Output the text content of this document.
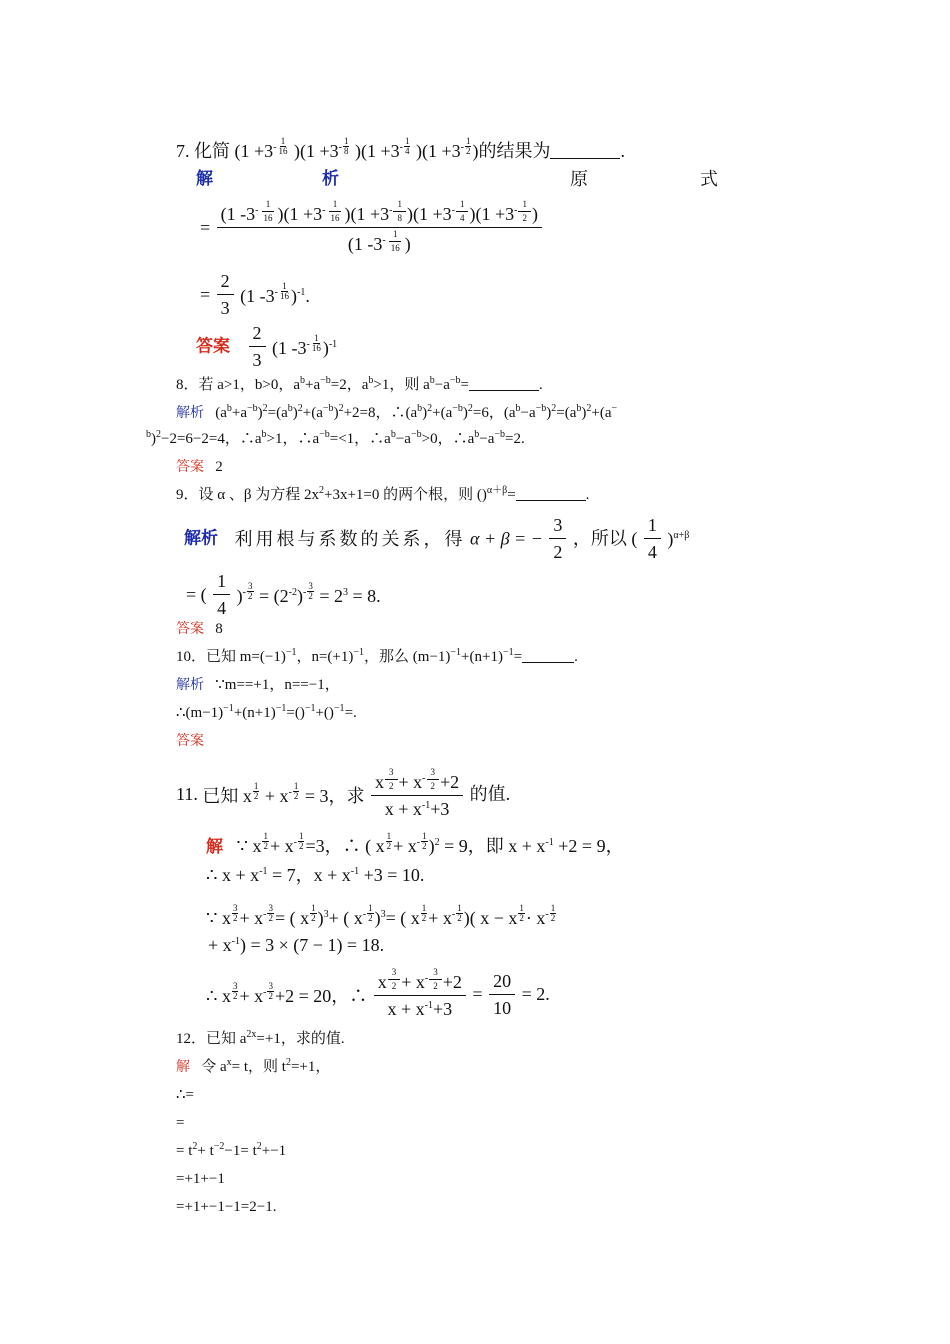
7. 化简 ($1 +3^{- \frac{1}{16}}$ )($1 +3^{- \frac{1}{8}}$ )($1 +3^{- \frac{1}{4}}$ )($1 +3^{- \frac{1}{2}}$ )的结果为	.
解	析	原	式
= (1 $-3^{- \frac{1}{16}}$ )($1 +3^{- \frac{1}{16}}$ )($1 +3^{- \frac{1}{8}}$ )($1 +3^{- \frac{1}{4}}$ )($1 +3^{- \frac{1}{2}}$ )
(1 $-3^{- \frac{1}{16}}$ )
= $\frac{2}{3} (1$ $-3^{- \frac{1}{16}}$ )$^{-1}$.
答案 $\frac{2}{3} (1$ $-3^{- \frac{1}{16}}$ )$^{-1}$
8．若 a>1，b>0，$a^b+a^{-b}=2$，$a^b>1$，则 $a^b-a^{-b}=$	.
解析 $(a^b+a^{-b})^2=(a^b)^2+(a^{-b})^2+2=8$，$\therefore(a^b)^2+(a^{-b})^2=6$，$(a^b-a^{-b})^2=(a^b)^2+(a^-$
$^b$)$^2$−2=6−2=4，$\therefore a^b>1$，$\therefore a^{-b}=<1$，$\therefore a^b-a^{-b}>0$，$\therefore a^b-a^{-b}=2$.
答案 2
9．设 α 、β 为方程 $2x^2+3x+1=0$ 的两个根，则 ()$^{\alpha+\beta}$=	.
解析 利用根与系数的关系，得 α + β = − $\frac{3}{2}$ ，所以 ( $\frac{1}{4} )^{\alpha+\beta}$
= ( $\frac{1}{4} )^{- \frac{3}{2}} = (2^{-2})^{- \frac{3}{2}} = 2^3 = 8$.
答案 8
10．已知 $m=(-1)^{-1}$，$n=(+1)^{-1}$，那么 $(m-1)^{-1}+(n+1)^{-1}=$	.
解析 ∵m==+1，n==−1，
$\therefore(m-1)^{-1}+(n+1)^{-1}=()^{-1}+()^{-1}=$.
答案
11. 已知 x $^{\frac{1}{2}} + x^{- \frac{1}{2}} = 3$，求 x $^{\frac{3}{2}} + x^{- \frac{3}{2}} +2$
$x + x^{-1}+3$ 的值.
解 ∵ x $^{\frac{1}{2}} + x^{- \frac{1}{2}} =3$，∴ ( x $^{\frac{1}{2}} + x^{- \frac{1}{2}}$ )$^2$ = 9，即 $x + x^{-1} +2 = 9$，
∴ $x + x^{-1} = 7$，$x + x^{-1} +3 = 10$.
∵ x $^{\frac{3}{2}} + x^{- \frac{3}{2}}$ = ( x $^{\frac{1}{2}}$ )$^3$+ ( $x^{- \frac{1}{2}}$ )$^3$= ( x $^{\frac{1}{2}} + x^{- \frac{1}{2}}$ )( x − x $^{\frac{1}{2}} \cdot x^{- \frac{1}{2}}$
+ $x^{-1}) = 3 \times (7 - 1) = 18$.
∴ x $^{\frac{3}{2}} + x^{- \frac{3}{2}} +2 = 20$，∴ x $^{\frac{3}{2}} + x^{- \frac{3}{2}} +2$
$x + x^{-1}+3 = \frac{20}{10} = 2$.
12．已知 $a^{2x}=+1$，求的值.
解 令 $a^x= t$，则 $t^2=+1$，
∴=
=
= $t^2+ t^{-2}-1= t^2+-1$
=+1+−1
=+1+−1−1=2−1.
